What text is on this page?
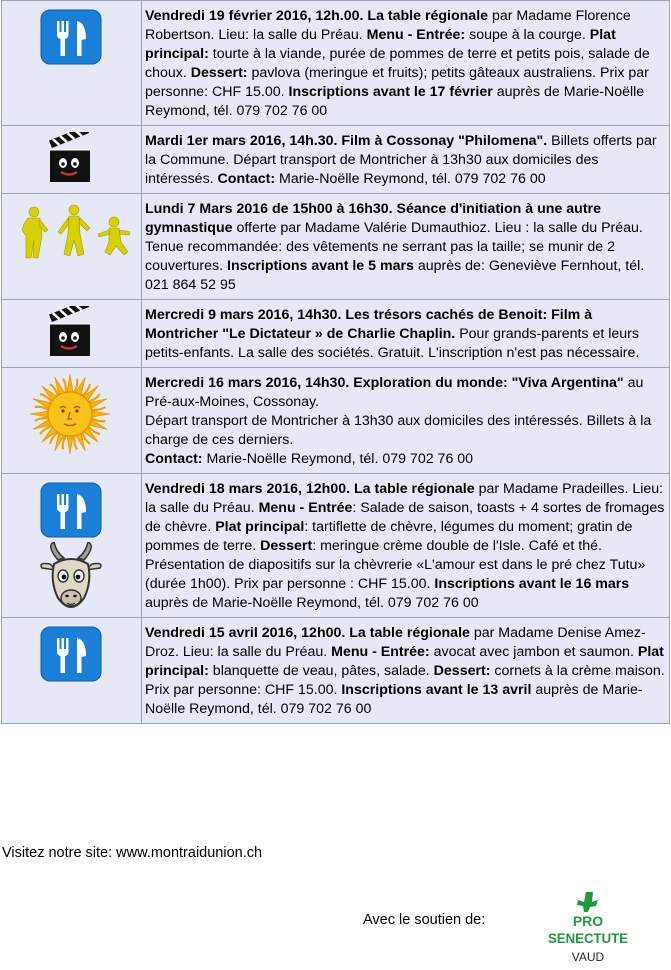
	Vendredi 19 février 2016, 12h.00. La table régionale par Madame Florence Robertson. Lieu: la salle du Préau. Menu - Entrée: soupe à la courge. Plat principal: tourte à la viande, purée de pommes de terre et petits pois, salade de choux. Dessert: pavlova (meringue et fruits); petits gâteaux australiens. Prix par personne: CHF 15.00. Inscriptions avant le 17 février auprès de Marie-Noëlle Reymond, tél. 079 702 76 00

	Mardi 1er mars 2016, 14h.30. Film à Cossonay "Philomena". Billets offerts par la Commune. Départ transport de Montricher à 13h30 aux domiciles des intéressés. Contact: Marie-Noëlle Reymond, tél. 079 702 76 00

	Lundi 7 Mars 2016 de 15h00 à 16h30. Séance d'initiation à une autre gymnastique offerte par Madame Valérie Dumauthioz. Lieu : la salle du Préau. Tenue recommandée: des vêtements ne serrant pas la taille; se munir de 2 couvertures. Inscriptions avant le 5 mars auprès de: Geneviève Fernhout, tél. 021 864 52 95

	Mercredi 9 mars 2016, 14h30. Les trésors cachés de Benoit: Film à Montricher "Le Dictateur » de Charlie Chaplin. Pour grands-parents et leurs petits-enfants. La salle des sociétés. Gratuit. L'inscription n'est pas nécessaire.

	Mercredi 16 mars 2016, 14h30. Exploration du monde: "Viva Argentina" au Pré-aux-Moines, Cossonay.
Départ transport de Montricher à 13h30 aux domiciles des intéressés. Billets à la charge de ces derniers.
Contact: Marie-Noëlle Reymond, tél. 079 702 76 00

	Vendredi 18 mars 2016, 12h00. La table régionale par Madame Pradeilles. Lieu: la salle du Préau. Menu - Entrée: Salade de saison, toasts + 4 sortes de fromages de chèvre. Plat principal: tartiflette de chèvre, légumes du moment; gratin de pommes de terre. Dessert: meringue crème double de l'Isle. Café et thé. Présentation de diapositifs sur la chèvrerie «L'amour est dans le pré chez Tutu» (durée 1h00). Prix par personne : CHF 15.00. Inscriptions avant le 16 mars auprès de Marie-Noëlle Reymond, tél. 079 702 76 00

	Vendredi 15 avril 2016, 12h00. La table régionale par Madame Denise Amez-Droz. Lieu: la salle du Préau. Menu - Entrée: avocat avec jambon et saumon. Plat principal: blanquette de veau, pâtes, salade. Dessert: cornets à la crème maison. Prix par personne: CHF 15.00. Inscriptions avant le 13 avril auprès de Marie-Noëlle Reymond, tél. 079 702 76 00
Visitez notre site: www.montraidunion.ch
Avec le soutien de:	PRO
SENECTUTE
VAUD
